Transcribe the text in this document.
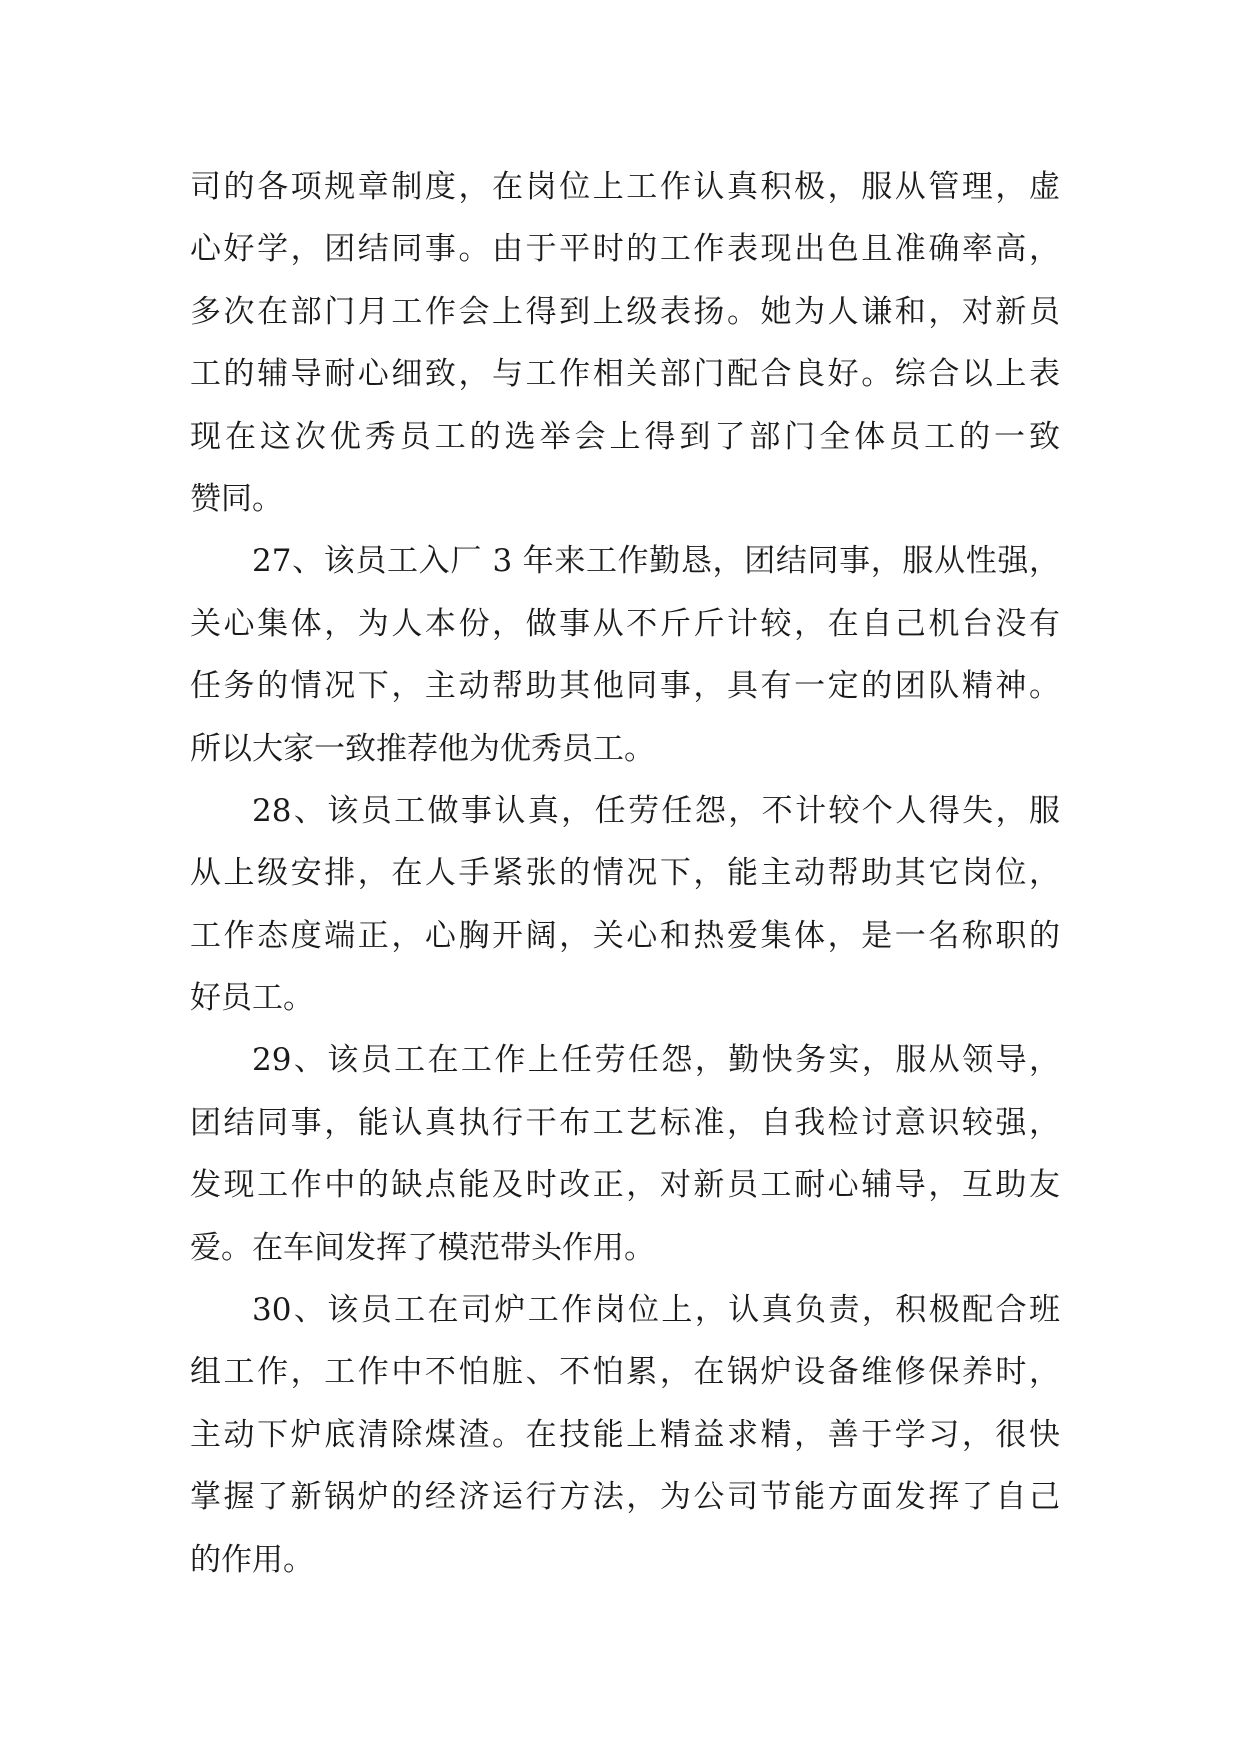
司的各项规章制度，在岗位上工作认真积极，服从管理，虚
心好学，团结同事。由于平时的工作表现出色且准确率高，
多次在部门月工作会上得到上级表扬。她为人谦和，对新员
工的辅导耐心细致，与工作相关部门配合良好。综合以上表
现在这次优秀员工的选举会上得到了部门全体员工的一致
赞同。
27、该员工入厂 3 年来工作勤恳，团结同事，服从性强，
关心集体，为人本份，做事从不斤斤计较，在自己机台没有
任务的情况下，主动帮助其他同事，具有一定的团队精神。
所以大家一致推荐他为优秀员工。
28、该员工做事认真，任劳任怨，不计较个人得失，服
从上级安排，在人手紧张的情况下，能主动帮助其它岗位，
工作态度端正，心胸开阔，关心和热爱集体，是一名称职的
好员工。
29、该员工在工作上任劳任怨，勤快务实，服从领导，
团结同事，能认真执行干布工艺标准，自我检讨意识较强，
发现工作中的缺点能及时改正，对新员工耐心辅导，互助友
爱。在车间发挥了模范带头作用。
30、该员工在司炉工作岗位上，认真负责，积极配合班
组工作，工作中不怕脏、不怕累，在锅炉设备维修保养时，
主动下炉底清除煤渣。在技能上精益求精，善于学习，很快
掌握了新锅炉的经济运行方法，为公司节能方面发挥了自己
的作用。
